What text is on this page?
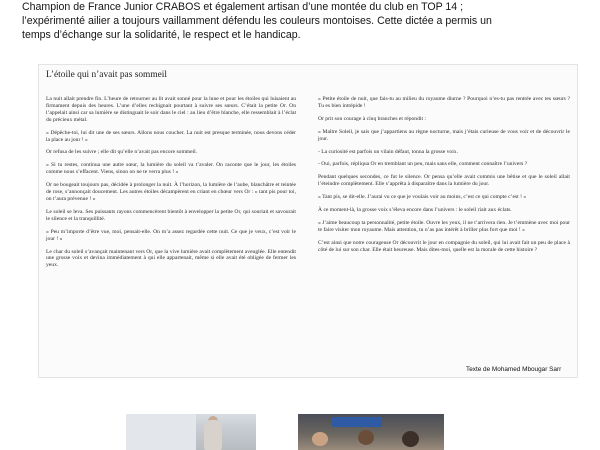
Champion de France Junior CRABOS et également artisan d’une montée du club en TOP 14 ;

l’expérimenté ailier a toujours vaillamment défendu les couleurs montoises. Cette dictée a permis un

temps d’échange sur la solidarité, le respect et le handicap.

L’étoile qui n’avait pas sommeil

La nuit allait prendre fin. L’heure de retourner au lit avait sonné pour la lune et pour les étoiles qui luisaient au firmament depuis des heures. L’une d’elles rechignait pourtant à suivre ses sœurs. C’était la petite Or. On l’appelait ainsi car sa lumière se distinguait le soir dans le ciel : au lieu d’être blanche, elle ressemblait à l’éclat du précieux métal.

« Dépêche-toi, lui dit une de ses sœurs. Allons nous coucher. La nuit est presque terminée, nous devons céder la place au jour ! »

Or refusa de les suivre ; elle dit qu’elle n’avait pas encore sommeil.

« Si tu restes, continua une autre sœur, la lumière du soleil va t’avaler. On raconte que le jour, les étoiles comme nous s’effacent. Viens, sinon on ne te verra plus ! »

Or ne bougeait toujours pas, décidée à prolonger la nuit. À l’horizon, la lumière de l’aube, blanchâtre et teintée de rose, s’annonçait doucement. Les autres étoiles décampèrent en criant en chœur vers Or : « tant pis pour toi, on t’aura prévenue ! »

Le soleil se leva. Ses puissants rayons commencèrent bientôt à envelopper la petite Or, qui souriait et savourait le silence et la tranquillité.

« Peu m’importe d’être vue, moi, pensait-elle. On m’a assez regardée cette nuit. Ce que je veux, c’est voir le jour ! »

Le char du soleil s’avançait maintenant vers Or, que la vive lumière avait complètement aveuglée. Elle entendit une grosse voix et devina immédiatement à qui elle appartenait, même si elle avait été obligée de fermer les yeux.

« Petite étoile de nuit, que fais-tu au milieu du royaume diurne ? Pourquoi n’es-tu pas rentrée avec tes sœurs ? Tu es bien intrépide !

Or prit son courage à cinq branches et répondit :

« Maître Soleil, je sais que j’appartiens au règne nocturne, mais j’étais curieuse de vous voir et de découvrir le jour.

- La curiosité est parfois un vilain défaut, tonna la grosse voix.

- Oui, parfois, répliqua Or en tremblant un peu, mais sans elle, comment connaître l’univers ?

Pendant quelques secondes, ce fut le silence. Or pensa qu’elle avait commis une bêtise et que le soleil allait l’éteindre complètement. Elle s’apprêta à disparaître dans la lumière du jour.

« Tant pis, se dit-elle. J’aurai vu ce que je voulais voir au moins, c’est ce qui compte c’est ! »

À ce moment-là, la grosse voix s’éleva encore dans l’univers : le soleil riait aux éclats.

« J’aime beaucoup ta personnalité, petite étoile. Ouvre les yeux, il ne t’arrivera rien. Je t’emmène avec moi pour te faire visiter mon royaume. Mais attention, tu n’as pas intérêt à briller plus fort que moi ! »

C’est ainsi que notre courageuse Or découvrit le jour en compagnie du soleil, qui lui avait fait un peu de place à côté de lui sur son char. Elle était heureuse. Mais dites-moi, quelle est la morale de cette histoire ?

Texte de Mohamed Mbougar Sarr
